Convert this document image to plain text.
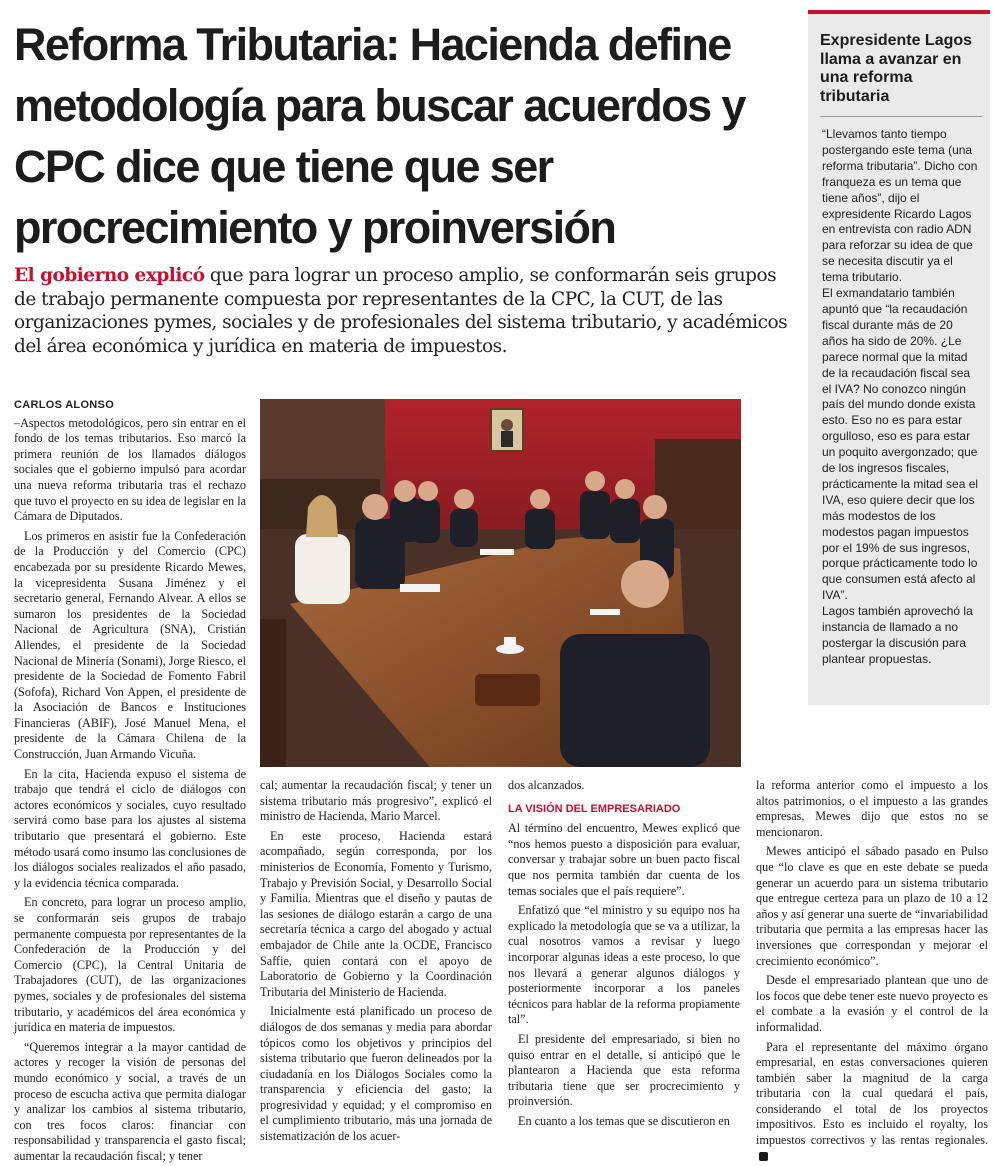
Reforma Tributaria: Hacienda define metodología para buscar acuerdos y CPC dice que tiene que ser procrecimiento y proinversión

El gobierno explicó que para lograr un proceso amplio, se conformarán seis grupos de trabajo permanente compuesta por representantes de la CPC, la CUT, de las organizaciones pymes, sociales y de profesionales del sistema tributario, y académicos del área económica y jurídica en materia de impuestos.

Expresidente Lagos llama a avanzar en una reforma tributaria

“Llevamos tanto tiempo postergando este tema (una reforma tributaria”. Dicho con franqueza es un tema que tiene años”, dijo el expresidente Ricardo Lagos en entrevista con radio ADN para reforzar su idea de que se necesita discutir ya el tema tributario.

El exmandatario también apuntó que “la recaudación fiscal durante más de 20 años ha sido de 20%. ¿Le parece normal que la mitad de la recaudación fiscal sea el IVA? No conozco ningún país del mundo donde exista esto. Eso no es para estar orgulloso, eso es para estar un poquito avergonzado; que de los ingresos fiscales, prácticamente la mitad sea el IVA, eso quiere decir que los más modestos de los modestos pagan impuestos por el 19% de sus ingresos, porque prácticamente todo lo que consumen está afecto al IVA”.

Lagos también aprovechó la instancia de llamado a no postergar la discusión para plantear propuestas.

CARLOS ALONSO

–Aspectos metodológicos, pero sin entrar en el fondo de los temas tributarios. Eso marcó la primera reunión de los llamados diálogos sociales que el gobierno impulsó para acordar una nueva reforma tributaria tras el rechazo que tuvo el proyecto en su idea de legislar en la Cámara de Diputados.

Los primeros en asistir fue la Confederación de la Producción y del Comercio (CPC) encabezada por su presidente Ricardo Mewes, la vicepresidenta Susana Jiménez y el secretario general, Fernando Alvear. A ellos se sumaron los presidentes de la Sociedad Nacional de Agricultura (SNA), Cristián Allendes, el presidente de la Sociedad Nacional de Minería (Sonami), Jorge Riesco, el presidente de la Sociedad de Fomento Fabril (Sofofa), Richard Von Appen, el presidente de la Asociación de Bancos e Instituciones Financieras (ABIF), José Manuel Mena, el presidente de la Cámara Chilena de la Construcción, Juan Armando Vicuña.

En la cita, Hacienda expuso el sistema de trabajo que tendrá el ciclo de diálogos con actores económicos y sociales, cuyo resultado servirá como base para los ajustes al sistema tributario que presentará el gobierno. Este método usará como insumo las conclusiones de los diálogos sociales realizados el año pasado, y la evidencia técnica comparada.

En concreto, para lograr un proceso amplio, se conformarán seis grupos de trabajo permanente compuesta por representantes de la Confederación de la Producción y del Comercio (CPC), la Central Unitaria de Trabajadores (CUT), de las organizaciones pymes, sociales y de profesionales del sistema tributario, y académicos del área económica y jurídica en materia de impuestos.

“Queremos integrar a la mayor cantidad de actores y recoger la visión de personas del mundo económico y social, a través de un proceso de escucha activa que permita dialogar y analizar los cambios al sistema tributario, con tres focos claros: financiar con responsabilidad y transparencia el gasto fiscal; aumentar la recaudación fiscal; y tener

cal; aumentar la recaudación fiscal; y tener un sistema tributario más progresivo”, explicó el ministro de Hacienda, Mario Marcel.

En este proceso, Hacienda estará acompañado, según corresponda, por los ministerios de Economía, Fomento y Turismo, Trabajo y Previsión Social, y Desarrollo Social y Familia. Mientras que el diseño y pautas de las sesiones de diálogo estarán a cargo de una secretaría técnica a cargo del abogado y actual embajador de Chile ante la OCDE, Francisco Saffie, quien contará con el apoyo de Laboratorio de Gobierno y la Coordinación Tributaria del Ministerio de Hacienda.

Inicialmente está planificado un proceso de diálogos de dos semanas y media para abordar tópicos como los objetivos y principios del sistema tributario que fueron delineados por la ciudadanía en los Diálogos Sociales como la transparencia y eficiencia del gasto; la progresividad y equidad; y el compromiso en el cumplimiento tributario, más una jornada de sistematización de los acuer-

dos alcanzados.

LA VISIÓN DEL EMPRESARIADO

Al término del encuentro, Mewes explicó que “nos hemos puesto a disposición para evaluar, conversar y trabajar sobre un buen pacto fiscal que nos permita también dar cuenta de los temas sociales que el país requiere”.

Enfatizó que “el ministro y su equipo nos ha explicado la metodología que se va a utilizar, la cual nosotros vamos a revisar y luego incorporar algunas ideas a este proceso, lo que nos llevará a generar algunos diálogos y posteriormente incorporar a los paneles técnicos para hablar de la reforma propiamente tal”.

El presidente del empresariado, si bien no quiso entrar en el detalle, sí anticipó que le plantearon a Hacienda que esta reforma tributaria tiene que ser procrecimiento y proinversión.

En cuanto a los temas que se discutieron en

la reforma anterior como el impuesto a los altos patrimonios, o el impuesto a las grandes empresas, Mewes dijo que estos no se mencionaron.

Mewes anticipó el sábado pasado en Pulso que “lo clave es que en este debate se pueda generar un acuerdo para un sistema tributario que entregue certeza para un plazo de 10 a 12 años y así generar una suerte de “invariabilidad tributaria que permita a las empresas hacer las inversiones que correspondan y mejorar el crecimiento económico”.

Desde el empresariado plantean que uno de los focos que debe tener este nuevo proyecto es el combate a la evasión y el control de la informalidad.

Para el representante del máximo órgano empresarial, en estas conversaciones quieren también saber la magnitud de la carga tributaria con la cual quedará el país, considerando el total de los proyectos impositivos. Esto es incluido el royalty, los impuestos correctivos y las rentas regionales.
